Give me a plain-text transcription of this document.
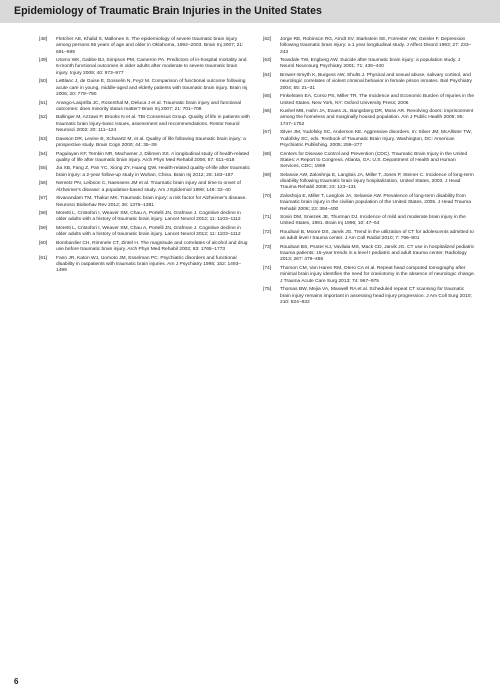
Epidemiology of Traumatic Brain Injuries in the United States
[48] Fletcher AE, Khalid S, Mallonee S. The epidemiology of severe traumatic brain injury among persons 65 years of age and older in Oklahoma, 1992–2003. Brain Inj 2007; 21: 691–699
[49] Utomo WK, Gabbe BJ, Simpson PM, Cameron PA. Predictors of in-hospital mortality and 6-month functional outcomes in older adults after moderate to severe traumatic brain injury. Injury 2009; 40: 973–977
[50] LeBlanc J, de Guise E, Gosselin N, Feyz M. Comparison of functional outcome following acute care in young, middle-aged and elderly patients with traumatic brain injury. Brain Inj 2006; 20: 779–790
[51] Arango-Lasprilla JC, Rosenthal M, Deluca J et al. Traumatic brain injury and functional outcomes: does minority status matter? Brain Inj 2007; 21: 701–708
[52] Ballinger M, Azzawi P, Brooks N et al. TBI Consensus Group. Quality of life in patients with traumatic brain injury-basic issues, assessment and recommendations. Restor Neurol Neurosci 2002; 20: 111–124
[53] Dawson DR, Levine B, Schwartz M, et al. Quality of life following traumatic brain injury: a prospective study. Brain Cogn 2000; 44: 35–39
[54] Pagulayan KF, Temkin NR, Machamer J, Dikmen SS. A longitudinal study of health-related quality of life after traumatic brain injury. Arch Phys Med Rehabil 2006; 87: 611–618
[55] Jia XB, Fang Z, Pan YC, Xiong ZY, Huang QW. Health-related quality-of-life after traumatic brain injury: a 2-year follow-up study in Wuhan, China. Brain Inj 2012; 26: 183–187
[56] Nemetz PN, Leibson C, Naessens JM et al. Traumatic brain injury and time to onset of Alzheimer's disease: a population-based study. Am J Epidemiol 1999; 149: 32–40
[57] Sivanandam TM, Thakur MK. Traumatic brain injury: a risk factor for Alzheimer's disease. Neurosci Biobehav Rev 2012; 36: 1376–1381
[58] Moretti L, Cristofori I, Weaver SM, Chau A, Portelli JN, Grafman J. Cognitive decline in older adults with a history of traumatic brain injury. Lancet Neurol 2012; 11: 1103–1112
[59] Moretti L, Cristofori I, Weaver SM, Chau A, Portelli JN, Grafman J. Cognitive decline in older adults with a history of traumatic brain injury. Lancet Neurol 2012; 11: 1103–1112
[60] Bombardier CH, Rimmele CT, Zintel H. The magnitude and correlates of alcohol and drug use before traumatic brain injury. Arch Phys Med Rehabil 2002; 83: 1765–1773
[61] Fann JR, Katon WJ, Uomoto JM, Esselman PC. Psychiatric disorders and functional disability in outpatients with traumatic brain injuries. Am J Psychiatry 1995; 152: 1493–1499
[62] Jorge RE, Robinson RG, Arndt SV, Starkstein SE, Forrester AW, Geisler F. Depression following traumatic brain injury: a 1 year longitudinal study. J Affect Disord 1993; 27: 233–243
[63] Teasdale TW, Engberg AW. Suicide after traumatic brain injury: a population study. J Neurol Neurosurg Psychiatry 2001; 71: 436–440
[64] Brower-Smyth K, Burgess AW, Shults J. Physical and sexual abuse, salivary cortisol, and neurologic correlates of violent criminal behavior in female prison inmates. Biol Psychiatry 2004; 55: 21–31
[65] Finkelstein EA, Corso PS, Miller TR. The Incidence and Economic Burden of Injuries in the United States. New York, NY: Oxford University Press; 2006
[66] Kushel MB, Hahn JA, Evans JL, Bangsberg DR, Moss AR. Revolving doors: imprisonment among the homeless and marginally housed population. Am J Public Health 2005; 95: 1747–1752
[67] Silver JM, Yudofsky SC, Anderson KE. Aggressive disorders. In: Silver JM, McAllister TW, Yudofsky SC, eds. Textbook of Traumatic Brain Injury. Washington, DC: American Psychiatric Publishing. 2005; 259–277
[68] Centers for Disease Control and Prevention (CDC). Traumatic Brain Injury in the United States: A Report to Congress. Atlanta, GA: U.S. Department of Health and Human Services, CDC; 1999
[69] Selassie AW, Zaloshnja E, Langlois JA, Miller T, Jones P, Steiner C. Incidence of long-term disability following traumatic brain injury hospitalization, United States, 2003. J Head Trauma Rehabil 2008; 23: 123–131
[70] Zaloshnja E, Miller T, Langlois JA, Selassie AW. Prevalence of long-term disability from traumatic brain injury in the civilian population of the United States, 2005. J Head Trauma Rehabil 2008; 23: 394–400
[71] Sosin DM, Sniezek JE, Thurman DJ. Incidence of mild and moderate brain injury in the United States, 1991. Brain Inj 1996; 10: 47–54
[72] Roudsari B, Moore DS, Jarvik JG. Trend in the utilization of CT for adolescents admitted to an adult level I trauma center. J Am Coll Radiol 2010; 7: 796–801
[73] Roudsari BS, Psoter KJ, Vavilala MS, Mack CD, Jarvik JG. CT use in hospitalized pediatric trauma patients: 15-year trends in a level I pediatric and adult trauma center. Radiology 2013; 267: 479–486
[74] Thorson CM, Van Haren RM, Otero CA et al. Repeat head computed tomography after minimal brain injury identifies the need for craniotomy in the absence of neurologic change. J Trauma Acute Care Surg 2013; 74: 967–975
[75] Thomas BW, Mejia VA, Maxwell RA et al. Scheduled repeat CT scanning for traumatic brain injury remains important in assessing head injury progression. J Am Coll Surg 2010; 210: 824–832
6
